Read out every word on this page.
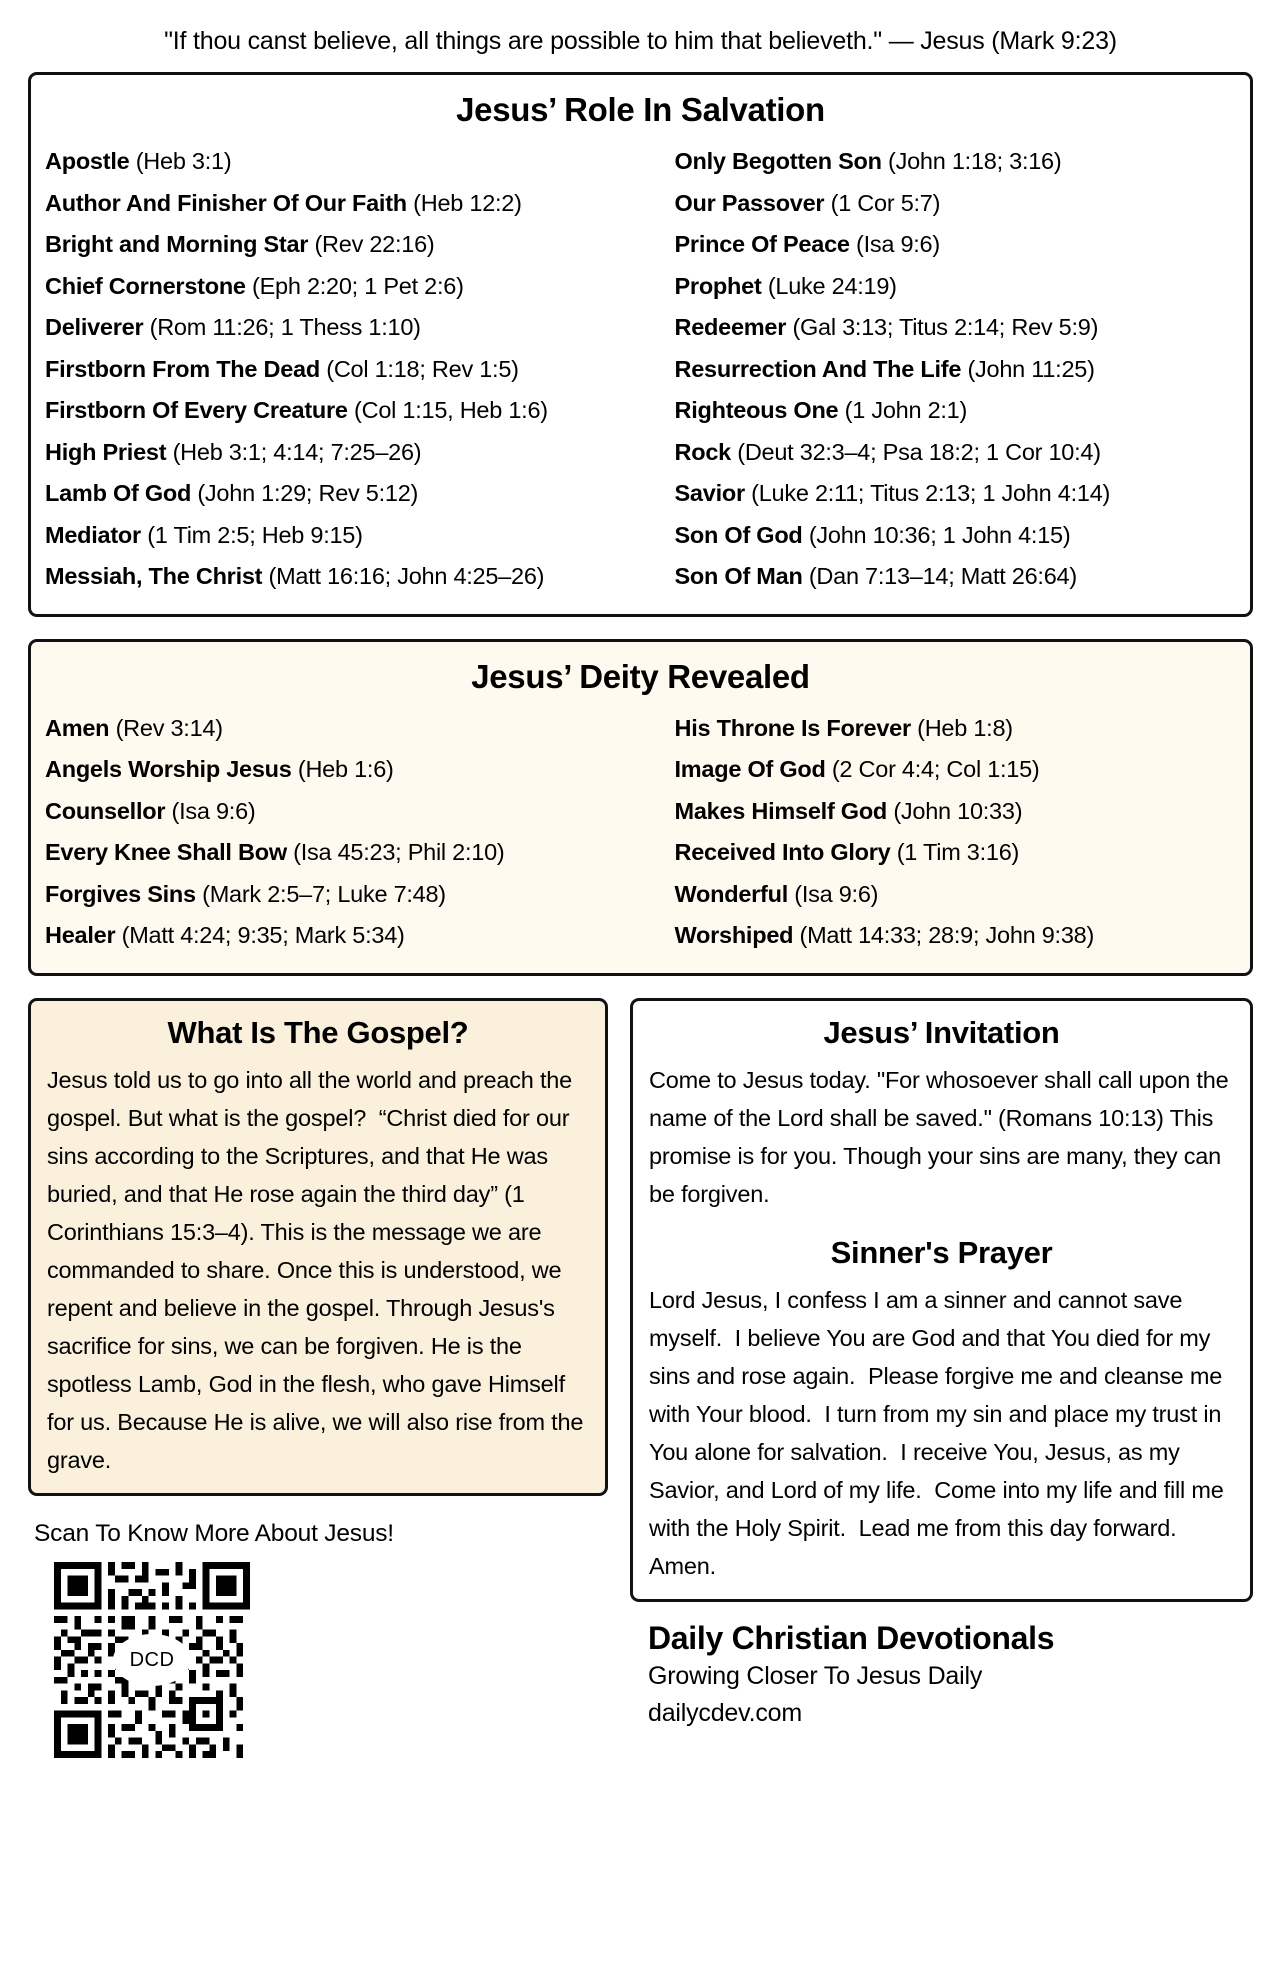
"If thou canst believe, all things are possible to him that believeth." — Jesus (Mark 9:23)
Jesus’ Role In Salvation
Apostle (Heb 3:1)
Author And Finisher Of Our Faith (Heb 12:2)
Bright and Morning Star (Rev 22:16)
Chief Cornerstone (Eph 2:20; 1 Pet 2:6)
Deliverer (Rom 11:26; 1 Thess 1:10)
Firstborn From The Dead (Col 1:18; Rev 1:5)
Firstborn Of Every Creature (Col 1:15, Heb 1:6)
High Priest (Heb 3:1; 4:14; 7:25–26)
Lamb Of God (John 1:29; Rev 5:12)
Mediator (1 Tim 2:5; Heb 9:15)
Messiah, The Christ (Matt 16:16; John 4:25–26)
Only Begotten Son (John 1:18; 3:16)
Our Passover (1 Cor 5:7)
Prince Of Peace (Isa 9:6)
Prophet (Luke 24:19)
Redeemer (Gal 3:13; Titus 2:14; Rev 5:9)
Resurrection And The Life (John 11:25)
Righteous One (1 John 2:1)
Rock (Deut 32:3–4; Psa 18:2; 1 Cor 10:4)
Savior (Luke 2:11; Titus 2:13; 1 John 4:14)
Son Of God (John 10:36; 1 John 4:15)
Son Of Man (Dan 7:13–14; Matt 26:64)
Jesus’ Deity Revealed
Amen (Rev 3:14)
Angels Worship Jesus (Heb 1:6)
Counsellor (Isa 9:6)
Every Knee Shall Bow (Isa 45:23; Phil 2:10)
Forgives Sins (Mark 2:5–7; Luke 7:48)
Healer (Matt 4:24; 9:35; Mark 5:34)
His Throne Is Forever (Heb 1:8)
Image Of God (2 Cor 4:4; Col 1:15)
Makes Himself God (John 10:33)
Received Into Glory (1 Tim 3:16)
Wonderful (Isa 9:6)
Worshiped (Matt 14:33; 28:9; John 9:38)
What Is The Gospel?
Jesus told us to go into all the world and preach the gospel. But what is the gospel?  “Christ died for our sins according to the Scriptures, and that He was buried, and that He rose again the third day” (1 Corinthians 15:3–4). This is the message we are commanded to share. Once this is understood, we repent and believe in the gospel. Through Jesus's sacrifice for sins, we can be forgiven. He is the spotless Lamb, God in the flesh, who gave Himself for us. Because He is alive, we will also rise from the grave.
Scan To Know More About Jesus!
DCD
Jesus’ Invitation
Come to Jesus today. "For whosoever shall call upon the name of the Lord shall be saved." (Romans 10:13) This promise is for you. Though your sins are many, they can be forgiven.
Sinner's Prayer
Lord Jesus, I confess I am a sinner and cannot save myself.  I believe You are God and that You died for my sins and rose again.  Please forgive me and cleanse me with Your blood.  I turn from my sin and place my trust in You alone for salvation.  I receive You, Jesus, as my Savior, and Lord of my life.  Come into my life and fill me with the Holy Spirit.  Lead me from this day forward.  Amen.
Daily Christian Devotionals
Growing Closer To Jesus Daily
dailycdev.com
